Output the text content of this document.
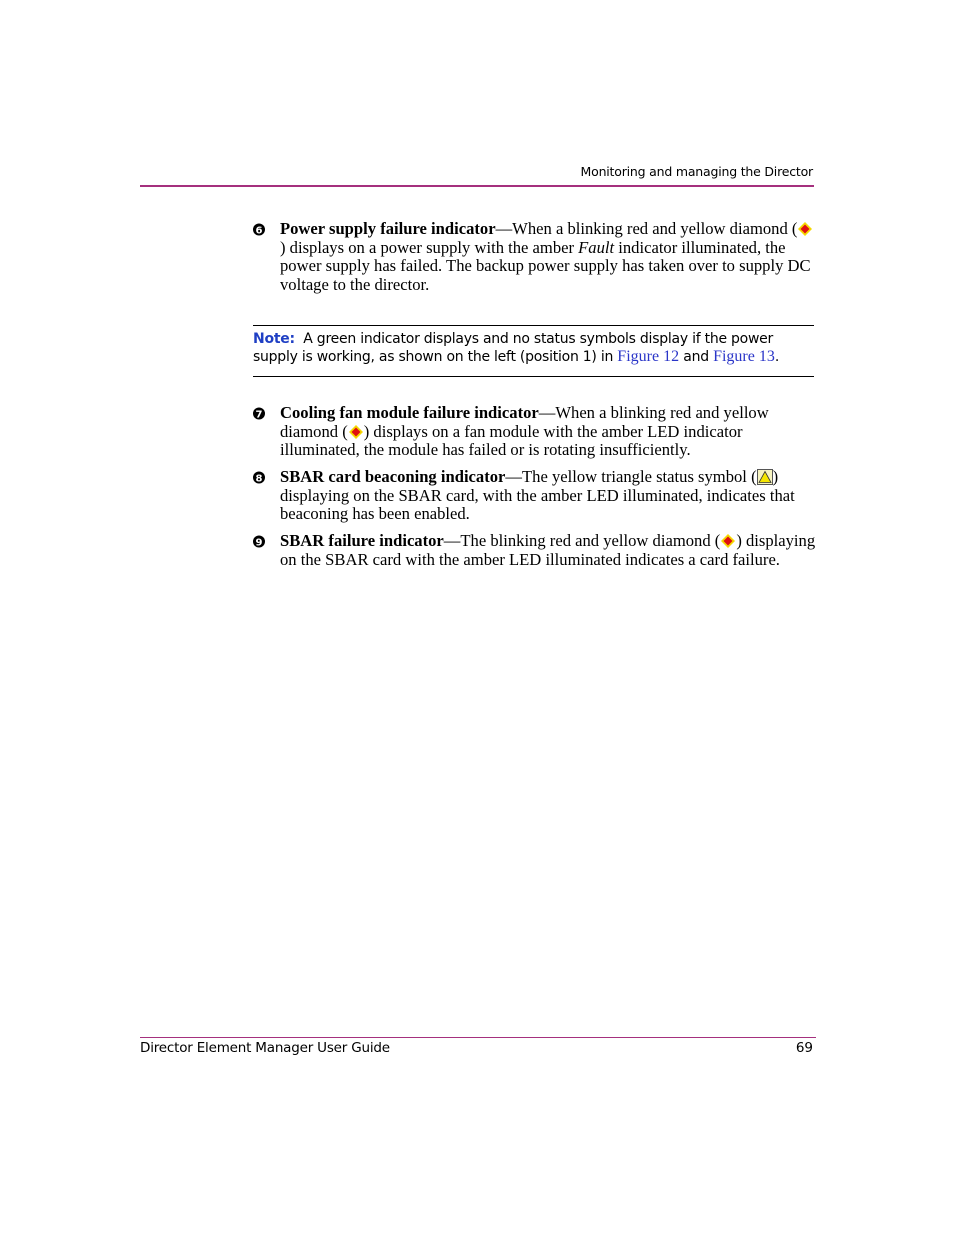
Monitoring and managing the Director
6 Power supply failure indicator—When a blinking red and yellow diamond (
) displays on a power supply with the amber Fault indicator illuminated, the power supply has failed. The backup power supply has taken over to supply DC voltage to the director.
Note: A green indicator displays and no status symbols display if the power supply is working, as shown on the left (position 1) in Figure 12 and Figure 13.
7 Cooling fan module failure indicator—When a blinking red and yellow diamond ( ) displays on a fan module with the amber LED indicator illuminated, the module has failed or is rotating insufficiently.
8 SBAR card beaconing indicator—The yellow triangle status symbol ( ) displaying on the SBAR card, with the amber LED illuminated, indicates that beaconing has been enabled.
9 SBAR failure indicator—The blinking red and yellow diamond ( ) displaying on the SBAR card with the amber LED illuminated indicates a card failure.
Director Element Manager User Guide	69
